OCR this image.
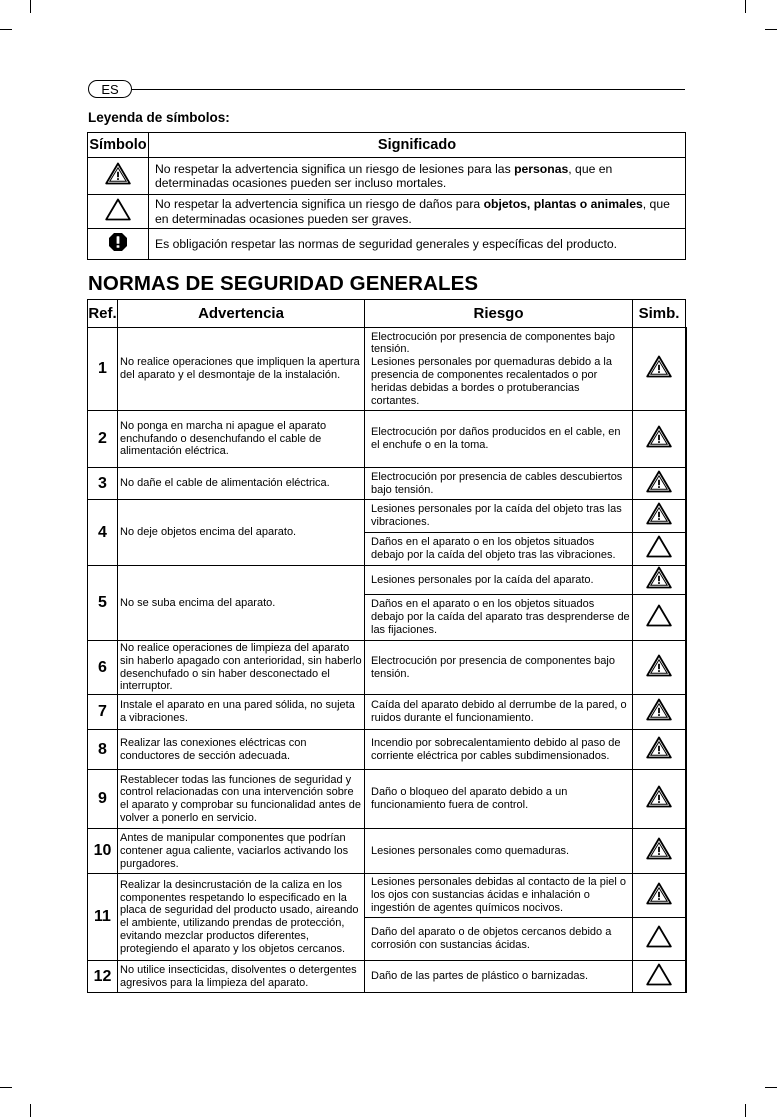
ES
Leyenda de símbolos:
Símbolo	Significado

	No respetar la advertencia significa un riesgo de lesiones para las personas, que en determinadas ocasiones pueden ser incluso mortales.

	No respetar la advertencia significa un riesgo de daños para objetos, plantas o animales, que en determinadas ocasiones pueden ser graves.

	Es obligación respetar las normas de seguridad generales y específicas del producto.
NORMAS DE SEGURIDAD GENERALES
Ref.	Advertencia	Riesgo	Simb.
1	No realice operaciones que impliquen la apertura del aparato y el desmontaje de la instalación.	Electrocución por presencia de componentes bajo tensión.
Lesiones personales por quemaduras debido a la presencia de componentes recalentados o por heridas debidas a bordes o protuberancias cortantes.	

2	No ponga en marcha ni apague el aparato enchufando o desenchufando el cable de alimentación eléctrica.	Electrocución por daños producidos en el cable, en el enchufe o en la toma.	

3	No dañe el cable de alimentación eléctrica.	Electrocución por presencia de cables descubiertos bajo tensión.	

4	No deje objetos encima del aparato.	Lesiones personales por la caída del objeto tras las vibraciones.	

		Daños en el aparato o en los objetos situados debajo por la caída del objeto tras las vibraciones.	

5	No se suba encima del aparato.	Lesiones personales por la caída del aparato.	

		Daños en el aparato o en los objetos situados debajo por la caída del aparato tras desprenderse de las fijaciones.	

6	No realice operaciones de limpieza del aparato sin haberlo apagado con anterioridad, sin haberlo desenchufado o sin haber desconectado el interruptor.	Electrocución por presencia de componentes bajo tensión.	

7	Instale el aparato en una pared sólida, no sujeta a vibraciones.	Caída del aparato debido al derrumbe de la pared, o ruidos durante el funcionamiento.	

8	Realizar las conexiones eléctricas con conductores de sección adecuada.	Incendio por sobrecalentamiento debido al paso de corriente eléctrica por cables subdimensionados.	

9	Restablecer todas las funciones de seguridad y control relacionadas con una intervención sobre el aparato y comprobar su funcionalidad antes de volver a ponerlo en servicio.	Daño o bloqueo del aparato debido a un funcionamiento fuera de control.	

10	Antes de manipular componentes que podrían contener agua caliente, vaciarlos activando los purgadores.	Lesiones personales como quemaduras.	

11	Realizar la desincrustación de la caliza en los componentes respetando lo especificado en la placa de seguridad del producto usado, aireando el ambiente, utilizando prendas de protección, evitando mezclar productos diferentes, protegiendo el aparato y los objetos cercanos.	Lesiones personales debidas al contacto de la piel o los ojos con sustancias ácidas e inhalación o ingestión de agentes químicos nocivos.	

		Daño del aparato o de objetos cercanos debido a corrosión con sustancias ácidas.	

12	No utilice insecticidas, disolventes o detergentes agresivos para la limpieza del aparato.	Daño de las partes de plástico o barnizadas.	
